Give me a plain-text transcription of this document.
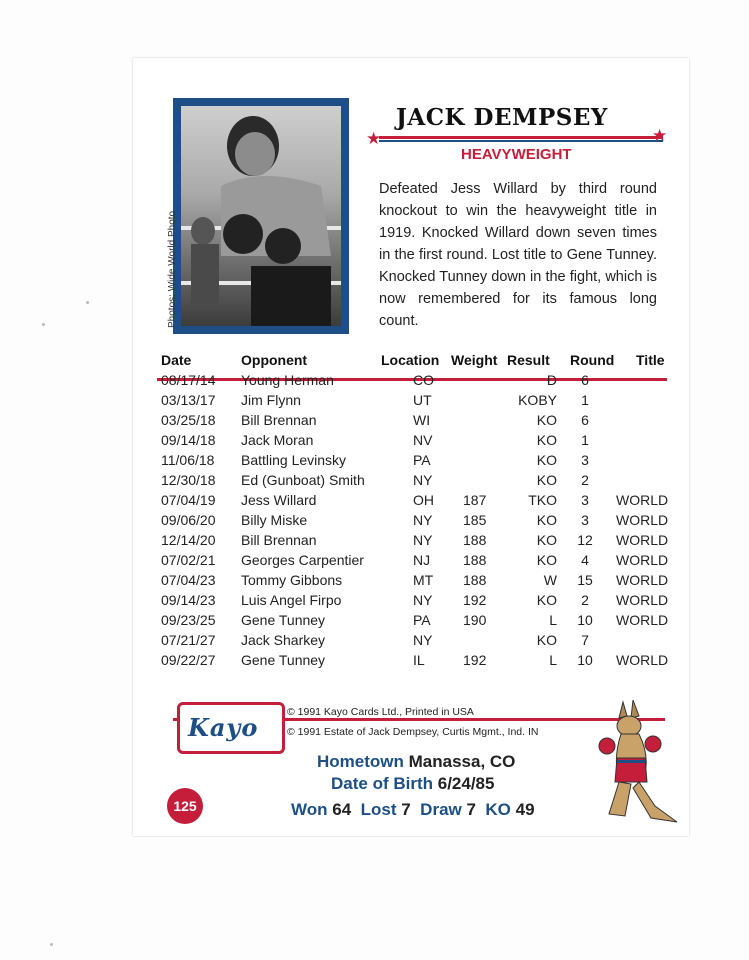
Photos: Wide World Photo
JACK DEMPSEY
★	★
HEAVYWEIGHT
Defeated Jess Willard by third round knockout to win the heavyweight title in 1919. Knocked Willard down seven times in the first round. Lost title to Gene Tunney. Knocked Tunney down in the fight, which is now remembered for its famous long count.
Date	Opponent	Location Weight Result Round Title
08/17/14 Young Herman	CO	D	6
03/13/17 Jim Flynn	UT	KOBY	1
03/25/18 Bill Brennan	WI	KO	6
09/14/18 Jack Moran	NV	KO	1
11/06/18 Battling Levinsky	PA	KO	3
12/30/18 Ed (Gunboat) Smith	NY	KO	2
07/04/19 Jess Willard	OH 187	TKO	3	WORLD
09/06/20 Billy Miske	NY 185	KO	3	WORLD
12/14/20 Bill Brennan	NY 188	KO	12	WORLD
07/02/21 Georges Carpentier	NJ 188	KO	4	WORLD
07/04/23 Tommy Gibbons	MT 188	W	15	WORLD
09/14/23 Luis Angel Firpo	NY 192	KO	2	WORLD
09/23/25 Gene Tunney	PA 190	L	10	WORLD
07/21/27 Jack Sharkey	NY	KO	7
09/22/27 Gene Tunney	IL	192	L	10	WORLD
Kayo
© 1991 Kayo Cards Ltd., Printed in USA
© 1991 Estate of Jack Dempsey, Curtis Mgmt., Ind. IN
Hometown Manassa, CO
Date of Birth 6/24/85
Won 64 Lost 7 Draw 7 KO 49
125
